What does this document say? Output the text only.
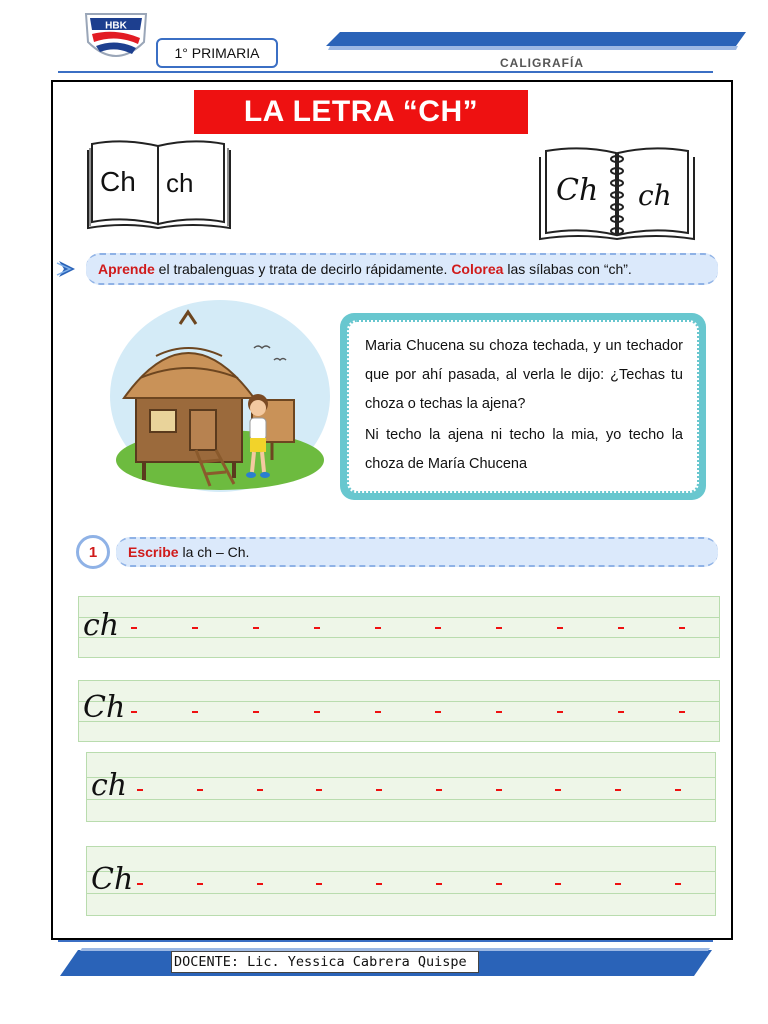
HBK
1° PRIMARIA
CALIGRAFÍA
LA LETRA “CH”
Ch ch	Ch ch
Aprende el trabalenguas y trata de decirlo rápidamente. Colorea las sílabas con “ch”.

Maria Chucena su choza techada, y un techador que por ahí pasada, al verla le dijo: ¿Techas tu choza o techas la ajena?

Ni techo la ajena ni techo la mia, yo techo la choza de María Chucena

1	Escribe la ch – Ch.
ch
Ch
ch
Ch
DOCENTE: Lic. Yessica Cabrera Quispe
